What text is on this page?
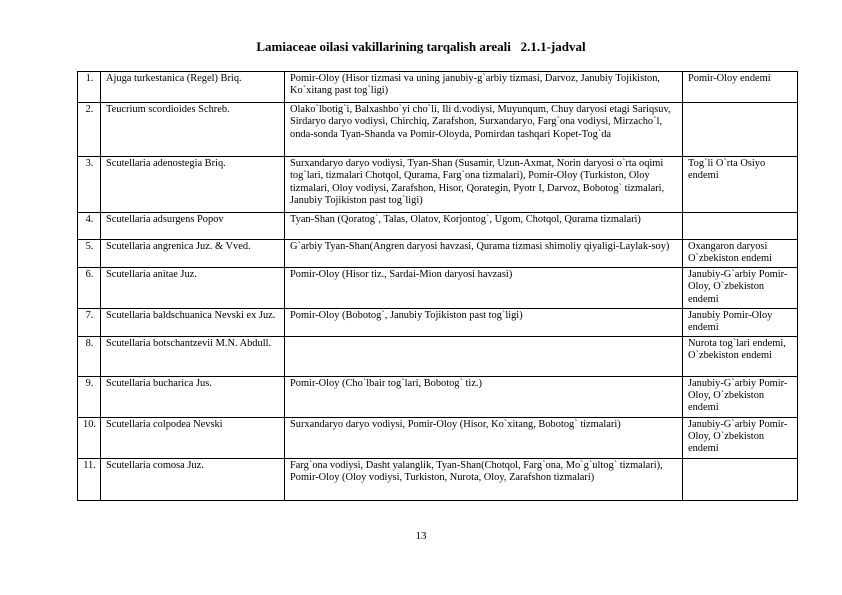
Lamiaceae oilasi vakillarining tarqalish areali   2.1.1-jadval
1.	Ajuga turkestanica (Regel) Briq.	Pomir-Oloy (Hisor tizmasi va uning janubiy-g`arbiy tizmasi, Darvoz, Janubiy Tojikiston, Ko`xitang past tog`ligi)	Pomir-Oloy endemi
2.	Teucrium scordioides Schreb.	Olako`lbotig`i, Balxashbo`yi cho`li, Ili d.vodiysi, Muyunqum, Chuy daryosi etagi Sariqsuv, Sirdaryo daryo vodiysi, Chirchiq, Zarafshon, Surxandaryo, Farg`ona vodiysi, Mirzacho`l, onda-sonda Tyan-Shanda va Pomir-Oloyda, Pomirdan tashqari Kopet-Tog`da	
3.	Scutellaria adenostegia Briq.	Surxandaryo daryo vodiysi, Tyan-Shan (Susamir, Uzun-Axmat, Norin daryosi o`rta oqimi tog`lari, tizmalari Chotqol, Qurama, Farg`ona tizmalari), Pomir-Oloy (Turkiston, Oloy tizmalari, Oloy vodiysi, Zarafshon, Hisor, Qorategin, Pyotr I, Darvoz, Bobotog` tizmalari, Janubiy Tojikiston past tog`ligi)	Tog`li O`rta Osiyo endemi
4.	Scutellaria adsurgens Popov	Tyan-Shan (Qoratog`, Talas, Olatov, Korjontog`, Ugom, Chotqol, Qurama tizmalari)	
5.	Scutellaria angrenica Juz. & Vved.	G`arbiy Tyan-Shan(Angren daryosi havzasi, Qurama tizmasi shimoliy qiyaligi-Laylak-soy)	Oxangaron daryosi O`zbekiston endemi
6.	Scutellaria anitae Juz.	Pomir-Oloy (Hisor tiz., Sardai-Mion daryosi havzasi)	Janubiy-G`arbiy Pomir-Oloy, O`zbekiston endemi
7.	Scutellaria baldschuanica Nevski ex Juz.	Pomir-Oloy (Bobotog`, Janubiy Tojikiston past tog`ligi)	Janubiy Pomir-Oloy endemi
8.	Scutellaria botschantzevii M.N. Abdull.		Nurota tog`lari endemi, O`zbekiston endemi
9.	Scutellaria bucharica Jus.	Pomir-Oloy (Cho`lbair tog`lari, Bobotog` tiz.)	Janubiy-G`arbiy Pomir-Oloy, O`zbekiston endemi
10.	Scutellaria colpodea Nevski	Surxandaryo daryo vodiysi, Pomir-Oloy (Hisor, Ko`xitang, Bobotog` tizmalari)	Janubiy-G`arbiy Pomir-Oloy, O`zbekiston endemi
11.	Scutellaria comosa Juz.	Farg`ona vodiysi, Dasht yalanglik, Tyan-Shan(Chotqol, Farg`ona, Mo`g`ultog` tizmalari), Pomir-Oloy (Oloy vodiysi, Turkiston, Nurota, Oloy, Zarafshon tizmalari)	
13
